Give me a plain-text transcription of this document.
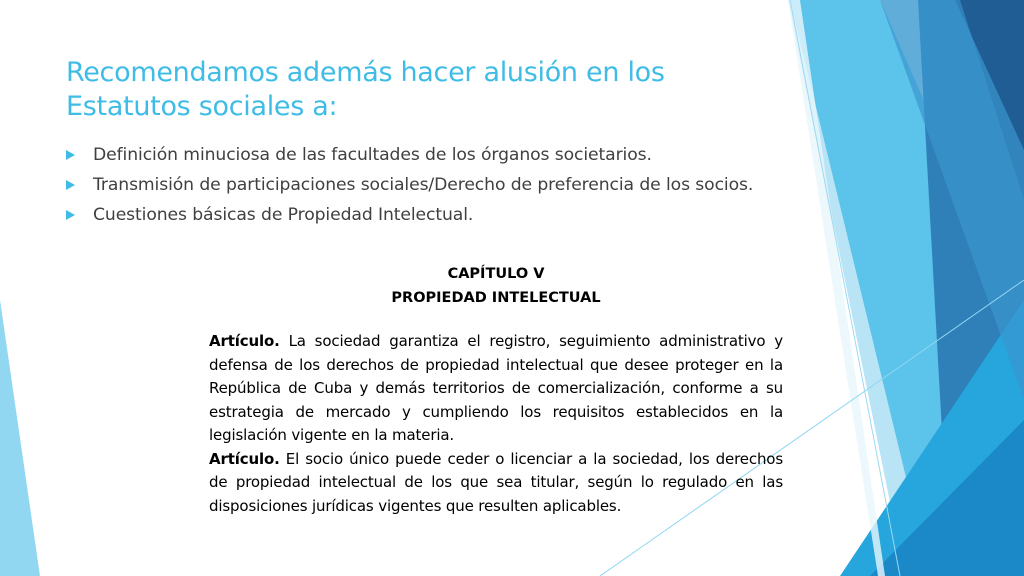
Recomendamos además hacer alusión en los Estatutos sociales a:
Definición minuciosa de las facultades de los órganos societarios.
Transmisión de participaciones sociales/Derecho de preferencia de los socios.
Cuestiones básicas de Propiedad Intelectual.
CAPÍTULO V
PROPIEDAD INTELECTUAL

Artículo. La sociedad garantiza el registro, seguimiento administrativo y defensa de los derechos de propiedad intelectual que desee proteger en la República de Cuba y demás territorios de comercialización, conforme a su estrategia de mercado y cumpliendo los requisitos establecidos en la legislación vigente en la materia.

Artículo. El socio único puede ceder o licenciar a la sociedad, los derechos de propiedad intelectual de los que sea titular, según lo regulado en las disposiciones jurídicas vigentes que resulten aplicables.
